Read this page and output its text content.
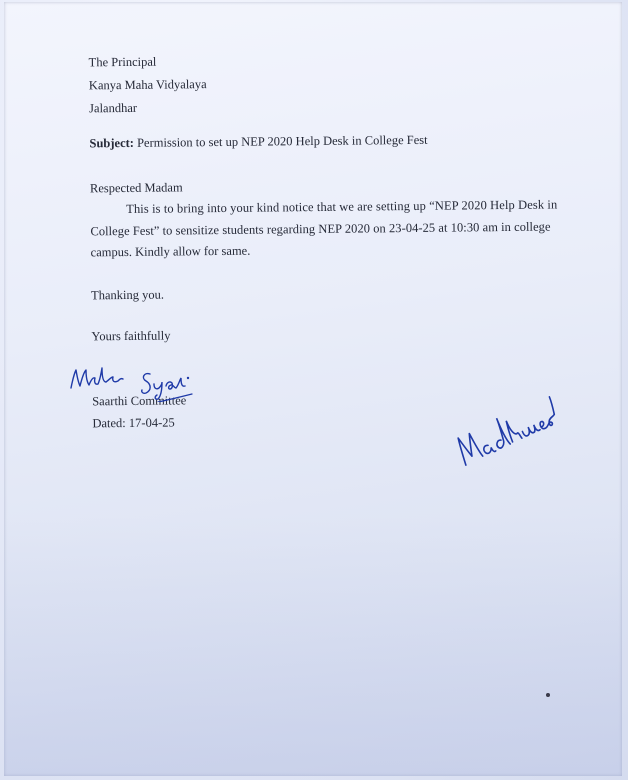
The Principal
Kanya Maha Vidyalaya
Jalandhar
Subject: Permission to set up NEP 2020 Help Desk in College Fest
Respected Madam
This is to bring into your kind notice that we are setting up “NEP 2020 Help Desk in
College Fest” to sensitize students regarding NEP 2020 on 23-04-25 at 10:30 am in college
campus. Kindly allow for same.
Thanking you.
Yours faithfully
Saarthi Committee
Dated: 17-04-25
